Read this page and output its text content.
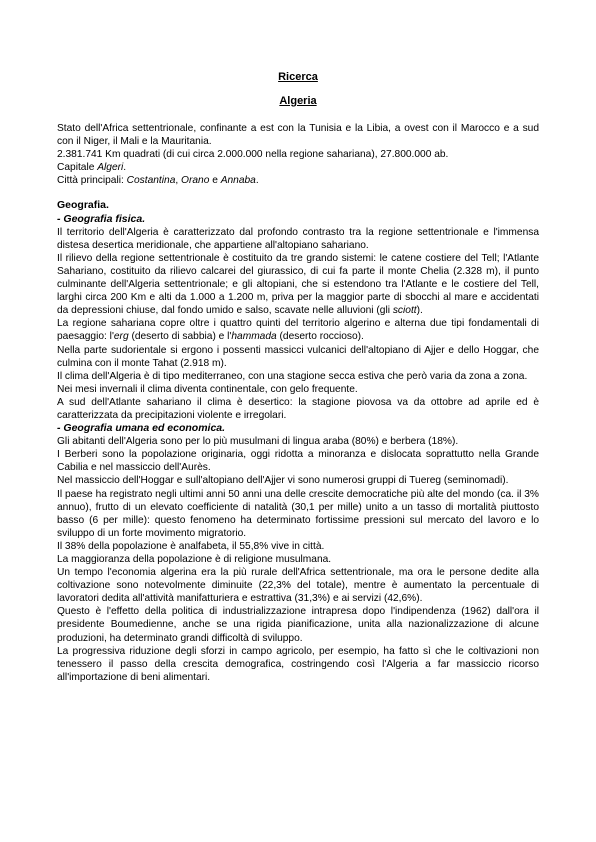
Ricerca
Algeria

Stato dell'Africa settentrionale, confinante a est con la Tunisia e la Libia, a ovest con il Marocco e a sud con il Niger, il Mali e la Mauritania.

2.381.741 Km quadrati (di cui circa 2.000.000 nella regione sahariana), 27.800.000 ab.

Capitale Algeri.

Città principali: Costantina, Orano e Annaba.

Geografia.

- Geografia fisica.

Il territorio dell'Algeria è caratterizzato dal profondo contrasto tra la regione settentrionale e l'immensa distesa desertica meridionale, che appartiene all'altopiano sahariano.

Il rilievo della regione settentrionale è costituito da tre grando sistemi: le catene costiere del Tell; l'Atlante Sahariano, costituito da rilievo calcarei del giurassico, di cui fa parte il monte Chelia (2.328 m), il punto culminante dell'Algeria settentrionale; e gli altopiani, che si estendono tra l'Atlante e le costiere del Tell, larghi circa 200 Km e alti da 1.000 a 1.200 m, priva per la maggior parte di sbocchi al mare e accidentati da depressioni chiuse, dal fondo umido e salso, scavate nelle alluvioni (gli sciott).

La regione sahariana copre oltre i quattro quinti del territorio algerino e alterna due tipi fondamentali di paesaggio: l'erg (deserto di sabbia) e l'hammada (deserto roccioso).

Nella parte sudorientale si ergono i possenti massicci vulcanici dell'altopiano di Ajjer e dello Hoggar, che culmina con il monte Tahat (2.918 m).

Il clima dell'Algeria è di tipo mediterraneo, con una stagione secca estiva che però varia da zona a zona.

Nei mesi invernali il clima diventa continentale, con gelo frequente.

A sud dell'Atlante sahariano il clima è desertico: la stagione piovosa va da ottobre ad aprile ed è caratterizzata da precipitazioni violente e irregolari.

- Geografia umana ed economica.

Gli abitanti dell'Algeria sono per lo più musulmani di lingua araba (80%) e berbera (18%).

I Berberi sono la popolazione originaria, oggi ridotta a minoranza e dislocata soprattutto nella Grande Cabilia e nel massiccio dell'Aurès.

Nel massiccio dell'Hoggar e sull'altopiano dell'Ajjer vi sono numerosi gruppi di Tuereg (seminomadi).

Il paese ha registrato negli ultimi anni 50 anni una delle crescite democratiche più alte del mondo (ca. il 3% annuo), frutto di un elevato coefficiente di natalità (30,1 per mille) unito a un tasso di mortalità piuttosto basso (6 per mille): questo fenomeno ha determinato fortissime pressioni sul mercato del lavoro e lo sviluppo di un forte movimento migratorio.

Il 38% della popolazione è analfabeta, il 55,8% vive in città.

La maggioranza della popolazione è di religione musulmana.

Un tempo l'economia algerina era la più rurale dell'Africa settentrionale, ma ora le persone dedite alla coltivazione sono notevolmente diminuite (22,3% del totale), mentre è aumentato la percentuale di lavoratori dedita all'attività manifatturiera e estrattiva (31,3%) e ai servizi (42,6%).

Questo è l'effetto della politica di industrializzazione intrapresa dopo l'indipendenza (1962) dall'ora il presidente Boumedienne, anche se una rigida pianificazione, unita alla nazionalizzazione di alcune produzioni, ha determinato grandi difficoltà di sviluppo.

La progressiva riduzione degli sforzi in campo agricolo, per esempio, ha fatto sì che le coltivazioni non tenessero il passo della crescita demografica, costringendo così l'Algeria a far massiccio ricorso all'importazione di beni alimentari.
